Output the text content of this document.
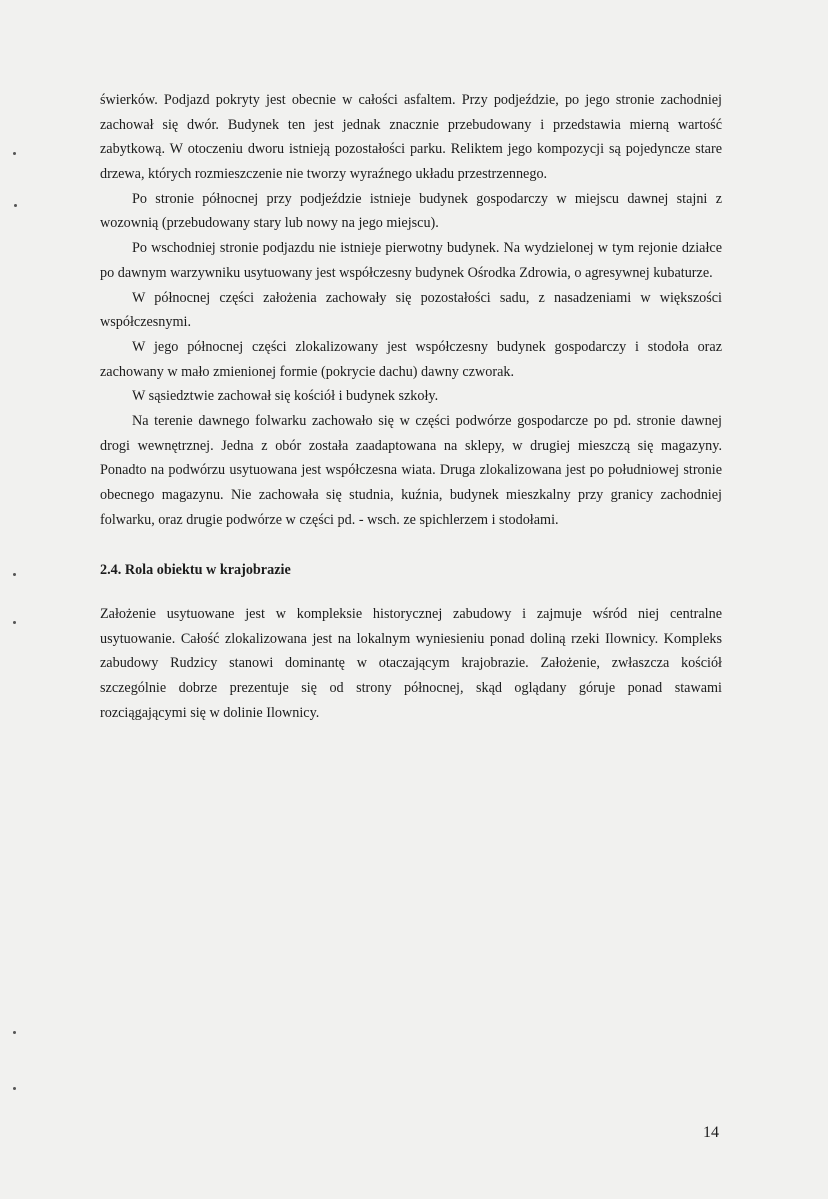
świerków. Podjazd pokryty jest obecnie w całości asfaltem. Przy podjeździe, po jego stronie zachodniej
zachował się dwór. Budynek ten jest jednak znacznie przebudowany i przedstawia mierną wartość
zabytkową. W otoczeniu dworu istnieją pozostałości parku. Reliktem jego kompozycji są pojedyncze stare
drzewa, których rozmieszczenie nie tworzy wyraźnego układu przestrzennego.
Po stronie północnej przy podjeździe istnieje budynek gospodarczy w miejscu dawnej stajni z
wozownią (przebudowany stary lub nowy na jego miejscu).
Po wschodniej stronie podjazdu nie istnieje pierwotny budynek. Na wydzielonej w tym rejonie działce
po dawnym warzywniku usytuowany jest współczesny budynek Ośrodka Zdrowia, o agresywnej kubaturze.
W północnej części założenia zachowały się pozostałości sadu, z nasadzeniami w większości
współczesnymi.
W jego północnej części zlokalizowany jest współczesny budynek gospodarczy i stodoła oraz
zachowany w mało zmienionej formie (pokrycie dachu) dawny czworak.
W sąsiedztwie zachował się kościół i budynek szkoły.
Na terenie dawnego folwarku zachowało się w części podwórze gospodarcze po pd. stronie dawnej
drogi wewnętrznej. Jedna z obór została zaadaptowana na sklepy, w drugiej mieszczą się magazyny.
Ponadto na podwórzu usytuowana jest współczesna wiata. Druga zlokalizowana jest po południowej stronie
obecnego magazynu. Nie zachowała się studnia, kuźnia, budynek mieszkalny przy granicy zachodniej
folwarku, oraz drugie podwórze w części pd. - wsch. ze spichlerzem i stodołami.
2.4. Rola obiektu w krajobrazie
Założenie usytuowane jest w kompleksie historycznej zabudowy i zajmuje wśród niej centralne
usytuowanie. Całość zlokalizowana jest na lokalnym wyniesieniu ponad doliną rzeki Ilownicy. Kompleks
zabudowy Rudzicy stanowi dominantę w otaczającym krajobrazie. Założenie, zwłaszcza kościół
szczególnie dobrze prezentuje się od strony północnej, skąd oglądany góruje ponad stawami
rozciągającymi się w dolinie Ilownicy.
14
